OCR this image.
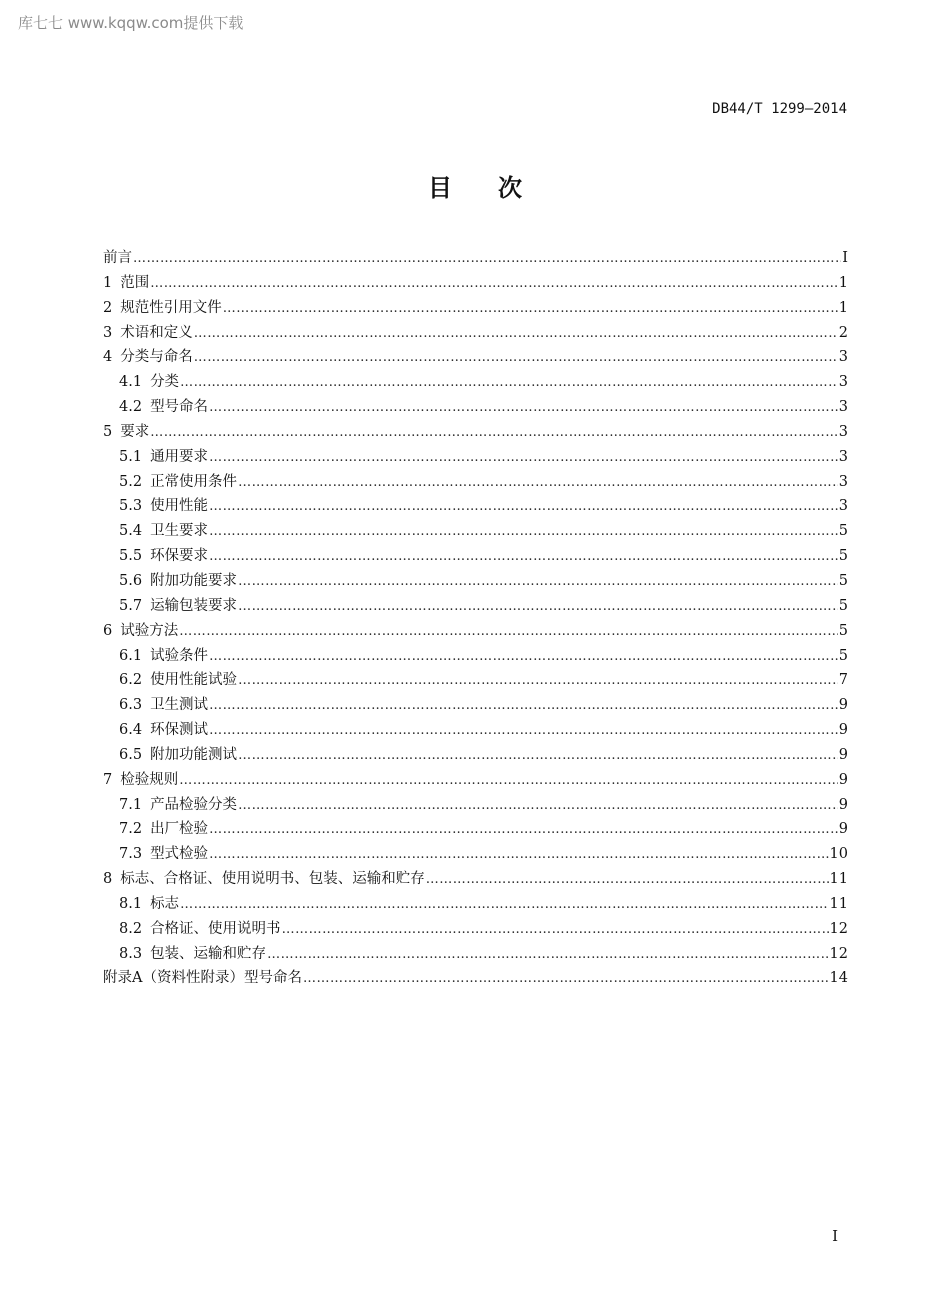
库七七 www.kqqw.com提供下载
DB44/T 1299—2014
目次
前言 ……………………………………………………………………………………………………………………………………………………………………………………………………………………………………………………………………………………………………………	I
1 范围 ……………………………………………………………………………………………………………………………………………………………………………………………………………………………………………………………………………………………………………	1
2 规范性引用文件 ……………………………………………………………………………………………………………………………………………………………………………………………………………………………………………………………………………………………………………	1
3 术语和定义 ……………………………………………………………………………………………………………………………………………………………………………………………………………………………………………………………………………………………………………	2
4 分类与命名 ……………………………………………………………………………………………………………………………………………………………………………………………………………………………………………………………………………………………………………	3
4.1 分类 ……………………………………………………………………………………………………………………………………………………………………………………………………………………………………………………………………………………………………………	3
4.2 型号命名 ……………………………………………………………………………………………………………………………………………………………………………………………………………………………………………………………………………………………………………	3
5 要求 ……………………………………………………………………………………………………………………………………………………………………………………………………………………………………………………………………………………………………………	3
5.1 通用要求 ……………………………………………………………………………………………………………………………………………………………………………………………………………………………………………………………………………………………………………	3
5.2 正常使用条件 ……………………………………………………………………………………………………………………………………………………………………………………………………………………………………………………………………………………………………………	3
5.3 使用性能 ……………………………………………………………………………………………………………………………………………………………………………………………………………………………………………………………………………………………………………	3
5.4 卫生要求 ……………………………………………………………………………………………………………………………………………………………………………………………………………………………………………………………………………………………………………	5
5.5 环保要求 ……………………………………………………………………………………………………………………………………………………………………………………………………………………………………………………………………………………………………………	5
5.6 附加功能要求 ……………………………………………………………………………………………………………………………………………………………………………………………………………………………………………………………………………………………………………	5
5.7 运输包装要求 ……………………………………………………………………………………………………………………………………………………………………………………………………………………………………………………………………………………………………………	5
6 试验方法 ……………………………………………………………………………………………………………………………………………………………………………………………………………………………………………………………………………………………………………	5
6.1 试验条件 ……………………………………………………………………………………………………………………………………………………………………………………………………………………………………………………………………………………………………………	5
6.2 使用性能试验 ……………………………………………………………………………………………………………………………………………………………………………………………………………………………………………………………………………………………………………	7
6.3 卫生测试 ……………………………………………………………………………………………………………………………………………………………………………………………………………………………………………………………………………………………………………	9
6.4 环保测试 ……………………………………………………………………………………………………………………………………………………………………………………………………………………………………………………………………………………………………………	9
6.5 附加功能测试 ……………………………………………………………………………………………………………………………………………………………………………………………………………………………………………………………………………………………………………	9
7 检验规则 ……………………………………………………………………………………………………………………………………………………………………………………………………………………………………………………………………………………………………………	9
7.1 产品检验分类 ……………………………………………………………………………………………………………………………………………………………………………………………………………………………………………………………………………………………………………	9
7.2 出厂检验 ……………………………………………………………………………………………………………………………………………………………………………………………………………………………………………………………………………………………………………	9
7.3 型式检验 ……………………………………………………………………………………………………………………………………………………………………………………………………………………………………………………………………………………………………………	10
8 标志、合格证、使用说明书、包装、运输和贮存 ……………………………………………………………………………………………………………………………………………………………………………………………………………………………………………………………………………………………………………	11
8.1 标志 ……………………………………………………………………………………………………………………………………………………………………………………………………………………………………………………………………………………………………………	11
8.2 合格证、使用说明书 ……………………………………………………………………………………………………………………………………………………………………………………………………………………………………………………………………………………………………………	12
8.3 包装、运输和贮存 ……………………………………………………………………………………………………………………………………………………………………………………………………………………………………………………………………………………………………………	12
附录A（资料性附录）型号命名 ……………………………………………………………………………………………………………………………………………………………………………………………………………………………………………………………………………………………………………	14
I
